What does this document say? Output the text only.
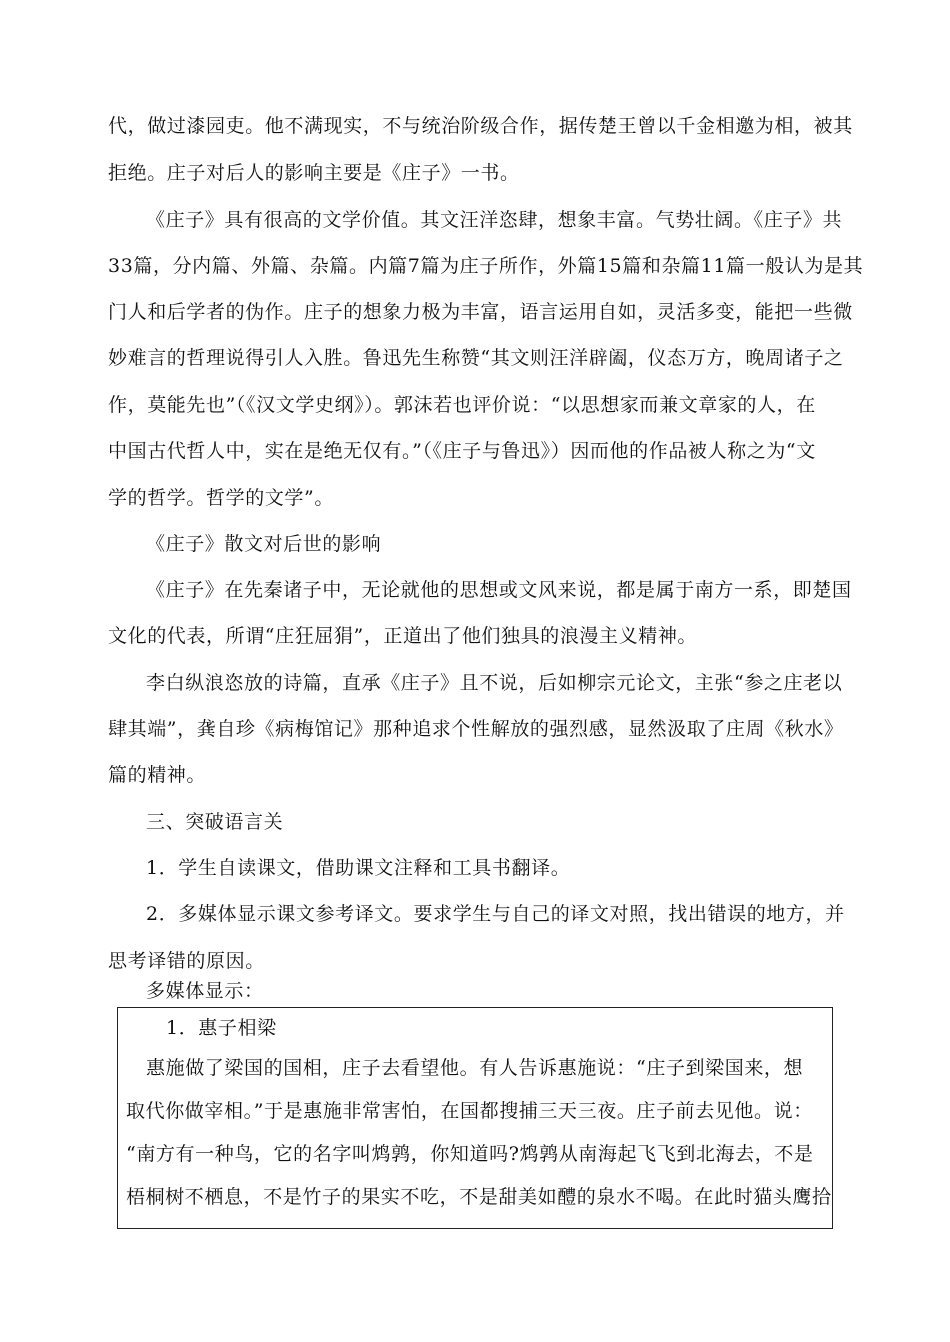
代，做过漆园吏。他不满现实，不与统治阶级合作，据传楚王曾以千金相邀为相，被其
拒绝。庄子对后人的影响主要是《庄子》一书。
《庄子》具有很高的文学价值。其文汪洋恣肆，想象丰富。气势壮阔。《庄子》共
33篇，分内篇、外篇、杂篇。内篇7篇为庄子所作，外篇15篇和杂篇11篇一般认为是其
门人和后学者的伪作。庄子的想象力极为丰富，语言运用自如，灵活多变，能把一些微
妙难言的哲理说得引人入胜。鲁迅先生称赞“其文则汪洋辟阖，仪态万方，晚周诸子之
作，莫能先也”（《汉文学史纲》）。郭沫若也评价说：“以思想家而兼文章家的人，在
中国古代哲人中，实在是绝无仅有。”（《庄子与鲁迅》）因而他的作品被人称之为“文
学的哲学。哲学的文学”。
《庄子》散文对后世的影响
《庄子》在先秦诸子中，无论就他的思想或文风来说，都是属于南方一系，即楚国
文化的代表，所谓“庄狂屈狷”，正道出了他们独具的浪漫主义精神。
李白纵浪恣放的诗篇，直承《庄子》且不说，后如柳宗元论文，主张“参之庄老以
肆其端”，龚自珍《病梅馆记》那种追求个性解放的强烈感，显然汲取了庄周《秋水》
篇的精神。
三、突破语言关
1．学生自读课文，借助课文注释和工具书翻译。
2．多媒体显示课文参考译文。要求学生与自己的译文对照，找出错误的地方，并
思考译错的原因。
多媒体显示：
1．惠子相梁
惠施做了梁国的国相，庄子去看望他。有人告诉惠施说：“庄子到梁国来，想
取代你做宰相。”于是惠施非常害怕，在国都搜捕三天三夜。庄子前去见他。说：
“南方有一种鸟，它的名字叫鸩鹑，你知道吗?鸩鹑从南海起飞飞到北海去，不是
梧桐树不栖息，不是竹子的果实不吃，不是甜美如醴的泉水不喝。在此时猫头鹰拾
